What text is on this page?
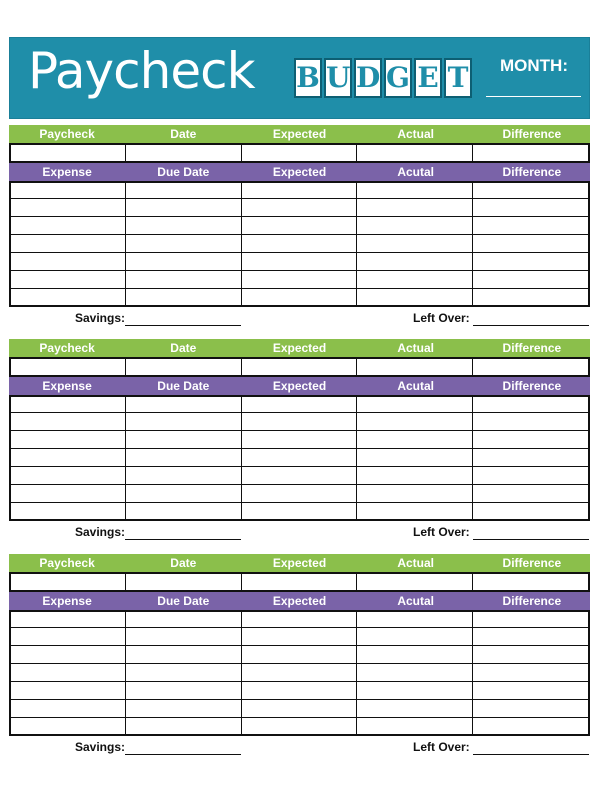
Paycheck B U D G E T MONTH:
Paycheck	Date	Expected	Actual	Difference
Expense	Due Date	Expected	Acutal	Difference
Savings:	Left Over:
Paycheck	Date	Expected	Actual	Difference
Expense	Due Date	Expected	Acutal	Difference
Savings:	Left Over:
Paycheck	Date	Expected	Actual	Difference
Expense	Due Date	Expected	Acutal	Difference
Savings:	Left Over:
